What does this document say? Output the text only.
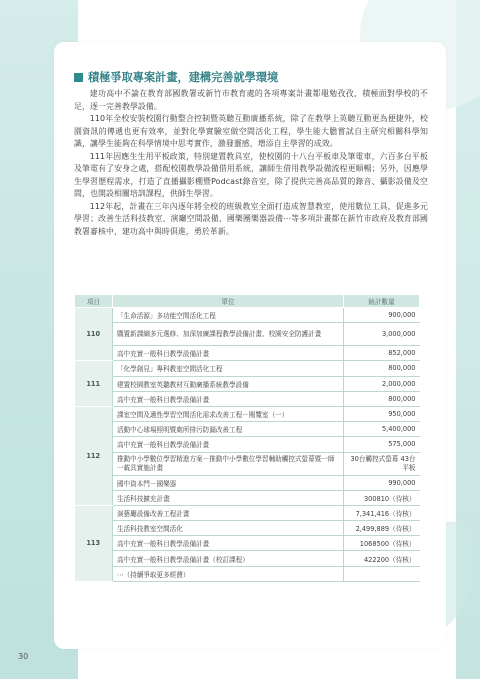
積極爭取專案計畫，建構完善就學環境

建功高中不論在教育部國教署或新竹市教育處的各項專案計畫都黽勉孜孜，積極面對學校的不足，逐一完善教學設備。

110年全校安裝校園行動整合控制暨英聽互動廣播系統，除了在教學上英聽互動更為便捷外，校園資訊的傳遞也更有效率，並對化學實驗室做空間活化工程，學生能大膽嘗試自主研究相關科學知識，讓學生能夠在科學情境中思考實作，激發靈感，增添自主學習的成效。

111年因應生生用平板政策，特別建置教具室，使校園的十八台平板車及筆電車，六百多台平板及筆電有了安身之處，搭配校園教學設備借用系統，讓師生借用教學設備流程更順暢；另外，因應學生學習歷程需求，打造了直播攝影棚暨Podcast錄音室，除了提供完善高品質的錄音、攝影設備及空間，也開設相關培訓課程，供師生學習。

112年起，計畫在三年內逐年將全校的班級教室全面打造成智慧教室，使用數位工具，促進多元學習；改善生活科技教室、演廳空間設備、國樂團樂器設備⋯等多項計畫都在新竹市政府及教育部國教署審核中，建功高中與時俱進，勇於革新。

項目	單位	統計數量
110	「生命活源」多功能空間活化工程	900,000
	購置新課綱多元選修、加深加廣課程教學設備計畫、校園安全防護計畫	3,000,000
	高中充實一般科目教學設備計畫	852,000
111	「化學創見」專科教室空間活化工程	800,000
	建置校園教室英聽教材互動廣播系統教學設備	2,000,000
	高中充實一般科目教學設備計畫	800,000
112	課室空間及適性學習空間活化需求改善工程－閱覽室（一）	950,000
	活動中心球場照明暨廁所排污防漏改善工程	5,400,000
	高中充實一般科目教學設備計畫	575,000
	推動中小學數位學習精進方案－推動中小學數位學習輔助觸控式螢幕暨一師一載具實施計畫	30台觸控式螢幕 43台平板
	國中資本門－國樂器	990,000
	生活科技擴充計畫	300810（待核）
113	演藝廳設備改善工程計畫	7,341,416（待核）
	生活科技教室空間活化	2,499,889（待核）
	高中充實一般科目教學設備計畫	1068500（待核）
	高中充實一般科目教學設備計畫（校訂課程）	422200（待核）
	⋯（持續爭取更多經費）	
30
